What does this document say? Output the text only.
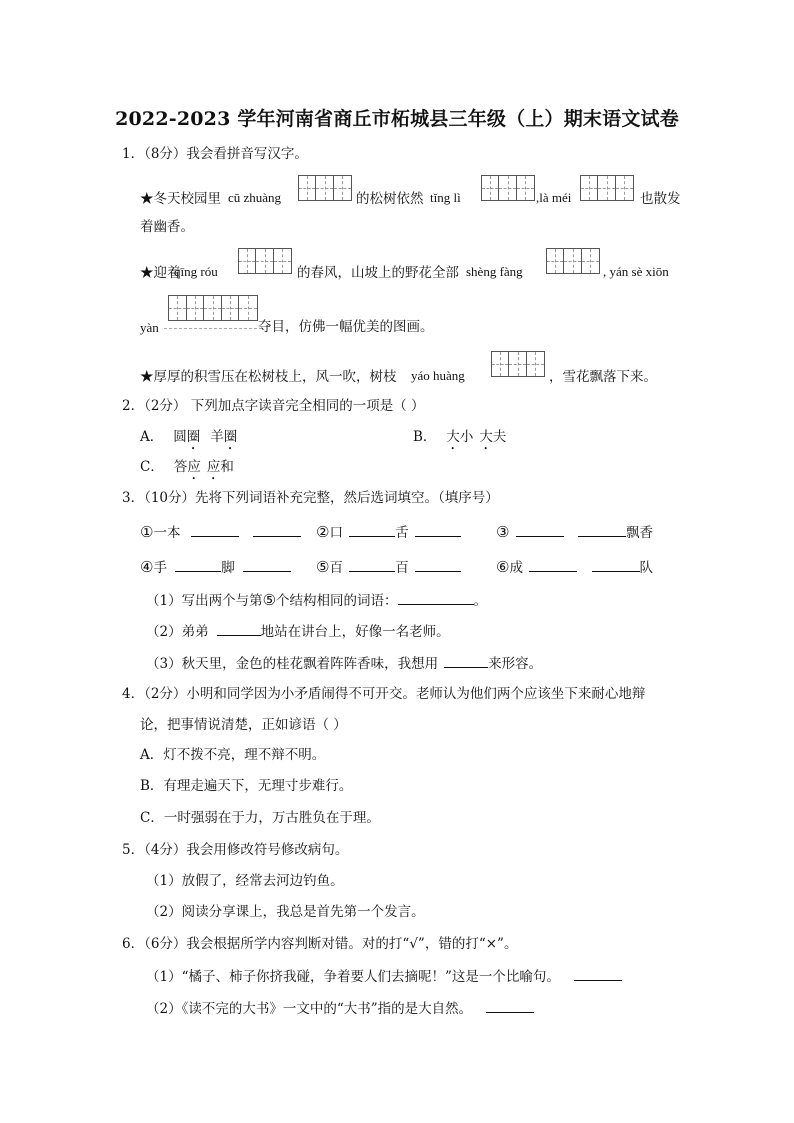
2022-2023 学年河南省商丘市柘城县三年级（上）期末语文试卷
1．（8分）我会看拼音写汉字。
★冬天校园里 cū zhuàng	的松树依然 tǐng lì	,là méi	也散发
着幽香。
★迎着
qīng róu	的春风，山坡上的野花全部 shèng fàng	, yán sè xiōn
yàn	夺目，仿佛一幅优美的图画。
★厚厚的积雪压在松树枝上，风一吹，树枝 yáo huàng	，雪花飘落下来。
2．（2分） 下列加点字读音完全相同的一项是（ ）
A． 圆圈 羊圈	B． 大小 大夫
C． 答应 应和
3．（10分）先将下列词语补充完整，然后选词填空。（填序号）
①一本	②口	舌	③	飘香
④手	脚	⑤百	百	⑥成	队
（1）写出两个与第⑤个结构相同的词语：	。
（2）弟弟	地站在讲台上，好像一名老师。
（3）秋天里，金色的桂花飘着阵阵香味，我想用	来形容。
4．（2分）小明和同学因为小矛盾闹得不可开交。老师认为他们两个应该坐下来耐心地辩
论，把事情说清楚，正如谚语（ ）
A．灯不拨不亮，理不辩不明。
B．有理走遍天下，无理寸步难行。
C．一时强弱在于力，万古胜负在于理。
5．（4分）我会用修改符号修改病句。
（1）放假了，经常去河边钓鱼。
（2）阅读分享课上，我总是首先第一个发言。
6．（6分）我会根据所学内容判断对错。对的打“√”，错的打“×”。
（1）“橘子、柿子你挤我碰，争着要人们去摘呢！”这是一个比喻句。
（2）《读不完的大书》一文中的“大书”指的是大自然。
